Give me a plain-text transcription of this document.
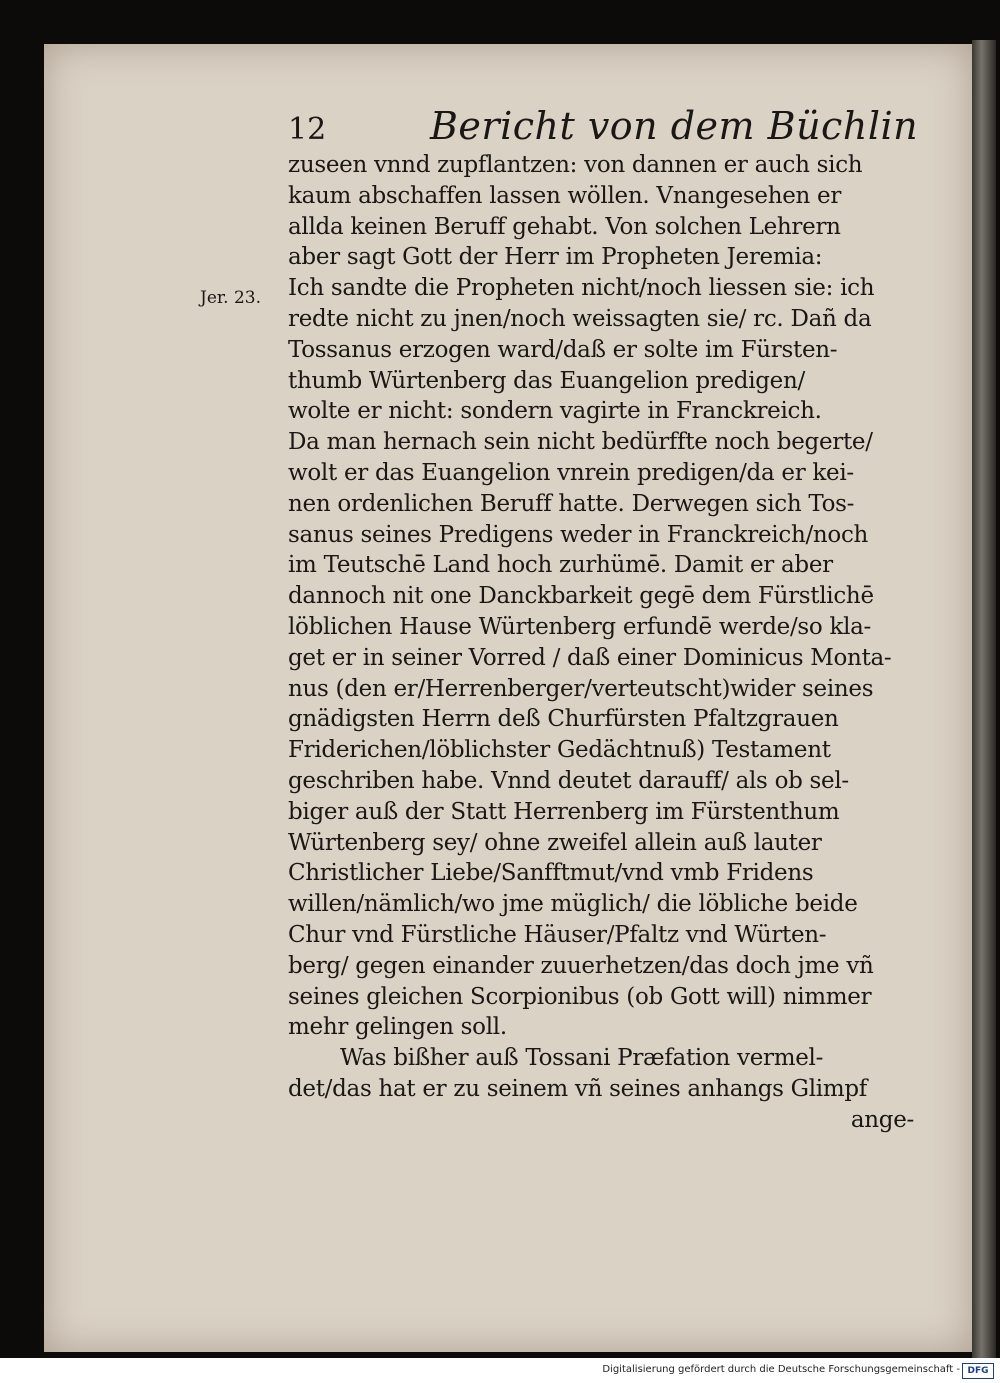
12	Bericht von dem Büchlin
Jer. 23.
zuseen vnnd zupflantzen: von dannen er auch sich
kaum abschaffen lassen wöllen. Vnangesehen er
allda keinen Beruff gehabt. Von solchen Lehrern
aber sagt Gott der Herr im Propheten Jeremia:
Ich sandte die Propheten nicht/noch liessen sie: ich
redte nicht zu jnen/noch weissagten sie/ rc. Dañ da
Tossanus erzogen ward/daß er solte im Fürsten-
thumb Würtenberg das Euangelion predigen/
wolte er nicht: sondern vagirte in Franckreich.
Da man hernach sein nicht bedürffte noch begerte/
wolt er das Euangelion vnrein predigen/da er kei-
nen ordenlichen Beruff hatte. Derwegen sich Tos-
sanus seines Predigens weder in Franckreich/noch
im Teutschē Land hoch zurhümē. Damit er aber
dannoch nit one Danckbarkeit gegē dem Fürstlichē
löblichen Hause Würtenberg erfundē werde/so kla-
get er in seiner Vorred / daß einer Dominicus Monta-
nus (den er/Herrenberger/verteutscht)wider seines
gnädigsten Herrn deß Churfürsten Pfaltzgrauen
Friderichen/löblichster Gedächtnuß) Testament
geschriben habe. Vnnd deutet darauff/ als ob sel-
biger auß der Statt Herrenberg im Fürstenthum
Würtenberg sey/ ohne zweifel allein auß lauter
Christlicher Liebe/Sanfftmut/vnd vmb Fridens
willen/nämlich/wo jme müglich/ die löbliche beide
Chur vnd Fürstliche Häuser/Pfaltz vnd Würten-
berg/ gegen einander zuuerhetzen/das doch jme vñ
seines gleichen Scorpionibus (ob Gott will) nimmer
mehr gelingen soll.
Was bißher auß Tossani Præfation vermel-
det/das hat er zu seinem vñ seines anhangs Glimpf
ange-
Digitalisierung gefördert durch die Deutsche Forschungsgemeinschaft - DFG
